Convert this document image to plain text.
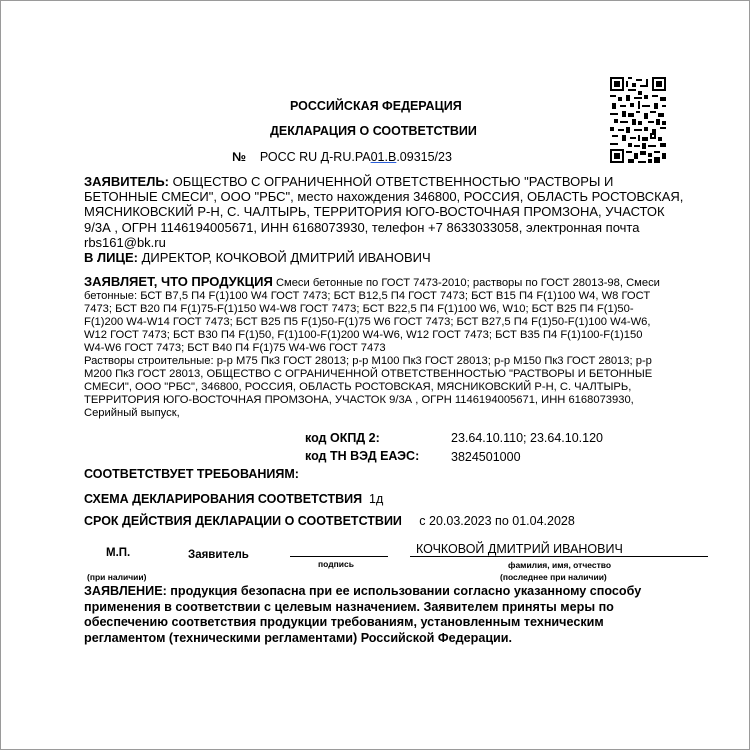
РОССИЙСКАЯ ФЕДЕРАЦИЯ
ДЕКЛАРАЦИЯ О СООТВЕТСТВИИ
№ РОСС RU Д-RU.PA01.В.09315/23
ЗАЯВИТЕЛЬ: ОБЩЕСТВО С ОГРАНИЧЕННОЙ ОТВЕТСТВЕННОСТЬЮ "РАСТВОРЫ И
БЕТОННЫЕ СМЕСИ", ООО "РБС", место нахождения 346800, РОССИЯ, ОБЛАСТЬ РОСТОВСКАЯ,
МЯСНИКОВСКИЙ Р-Н, С. ЧАЛТЫРЬ, ТЕРРИТОРИЯ ЮГО-ВОСТОЧНАЯ ПРОМЗОНА, УЧАСТОК
9/3А , ОГРН 1146194005671, ИНН 6168073930, телефон +7 8633033058, электронная почта
rbs161@bk.ru
В ЛИЦЕ: ДИРЕКТОР, КОЧКОВОЙ ДМИТРИЙ ИВАНОВИЧ
ЗАЯВЛЯЕТ, ЧТО ПРОДУКЦИЯ Смеси бетонные по ГОСТ 7473-2010; растворы по ГОСТ 28013-98, Смеси
бетонные: БСТ В7,5 П4 F(1)100 W4 ГОСТ 7473; БСТ В12,5 П4 ГОСТ 7473; БСТ В15 П4 F(1)100 W4, W8 ГОСТ
7473; БСТ В20 П4 F(1)75-F(1)150 W4-W8 ГОСТ 7473; БСТ В22,5 П4 F(1)100 W6, W10; БСТ В25 П4 F(1)50-
F(1)200 W4-W14 ГОСТ 7473; БСТ В25 П5 F(1)50-F(1)75 W6 ГОСТ 7473; БСТ В27,5 П4 F(1)50-F(1)100 W4-W6,
W12 ГОСТ 7473; БСТ В30 П4 F(1)50, F(1)100-F(1)200 W4-W6, W12 ГОСТ 7473; БСТ В35 П4 F(1)100-F(1)150
W4-W6 ГОСТ 7473; БСТ В40 П4 F(1)75 W4-W6 ГОСТ 7473
Растворы строительные: р-р М75 Пк3 ГОСТ 28013; р-р М100 Пк3 ГОСТ 28013; р-р М150 Пк3 ГОСТ 28013; р-р
М200 Пк3 ГОСТ 28013, ОБЩЕСТВО С ОГРАНИЧЕННОЙ ОТВЕТСТВЕННОСТЬЮ "РАСТВОРЫ И БЕТОННЫЕ
СМЕСИ", ООО "РБС", 346800, РОССИЯ, ОБЛАСТЬ РОСТОВСКАЯ, МЯСНИКОВСКИЙ Р-Н, С. ЧАЛТЫРЬ,
ТЕРРИТОРИЯ ЮГО-ВОСТОЧНАЯ ПРОМЗОНА, УЧАСТОК 9/3А , ОГРН 1146194005671, ИНН 6168073930,
Серийный выпуск,
код ОКПД 2:	23.64.10.110; 23.64.10.120
код ТН ВЭД ЕАЭС:	3824501000
СООТВЕТСТВУЕТ ТРЕБОВАНИЯМ:
СХЕМА ДЕКЛАРИРОВАНИЯ СООТВЕТСТВИЯ 1д
СРОК ДЕЙСТВИЯ ДЕКЛАРАЦИИ О СООТВЕТСТВИИ с 20.03.2023 по 01.04.2028
М.П.
(при наличии)
Заявитель
подпись
КОЧКОВОЙ ДМИТРИЙ ИВАНОВИЧ
фамилия, имя, отчество
(последнее при наличии)
ЗАЯВЛЕНИЕ: продукция безопасна при ее использовании согласно указанному способу
применения в соответствии с целевым назначением. Заявителем приняты меры по
обеспечению соответствия продукции требованиям, установленным техническим
регламентом (техническими регламентами) Российской Федерации.
